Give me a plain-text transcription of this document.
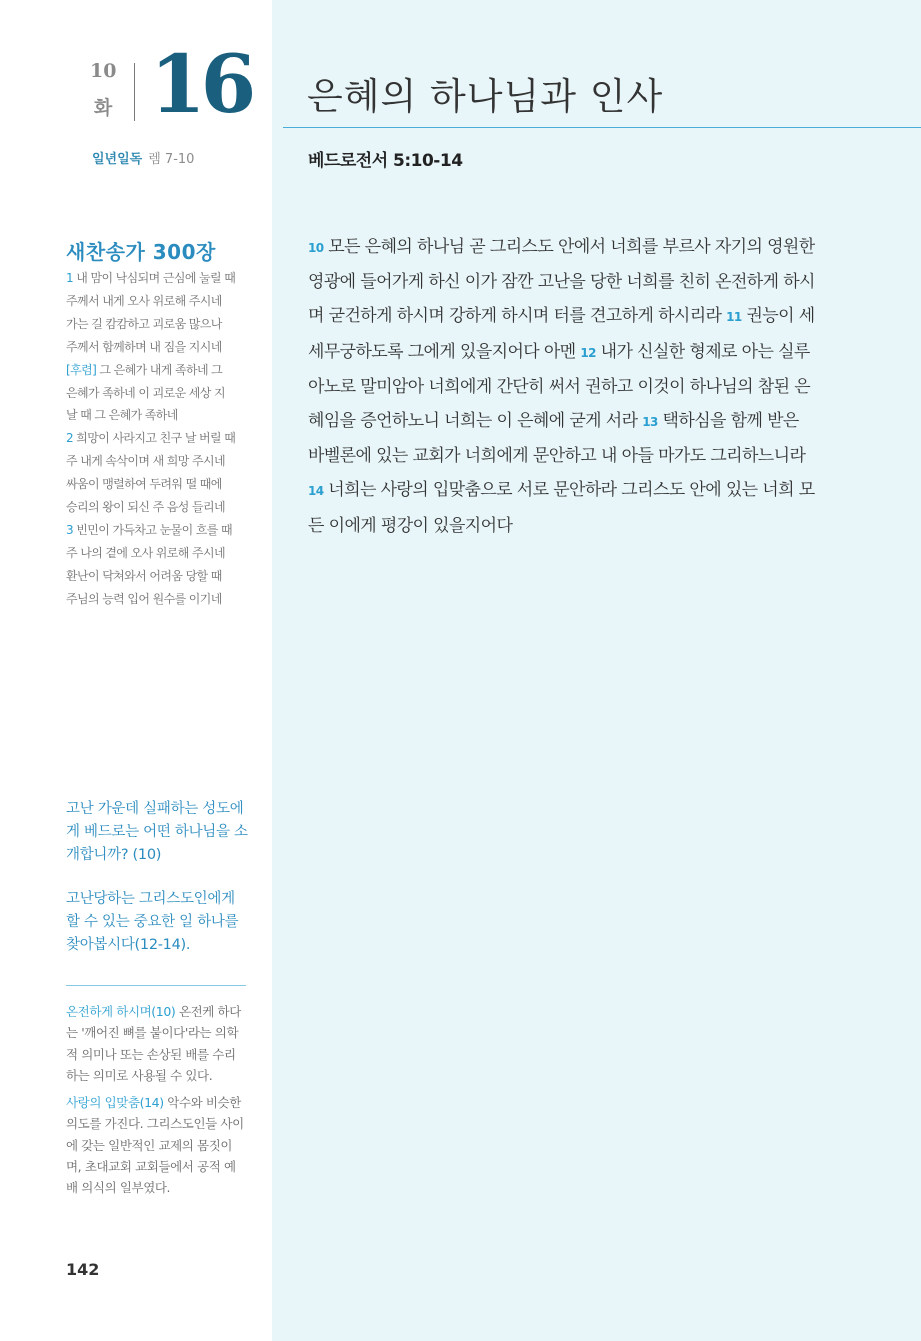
10
화 16
일년일독 렘 7-10
새찬송가 300장

1 내 맘이 낙심되며 근심에 눌릴 때

주께서 내게 오사 위로해 주시네

가는 길 캄캄하고 괴로움 많으나

주께서 함께하며 내 짐을 지시네

[후렴] 그 은혜가 내게 족하네 그

은혜가 족하네 이 괴로운 세상 지

날 때 그 은혜가 족하네

2 희망이 사라지고 친구 날 버릴 때

주 내게 속삭이며 새 희망 주시네

싸움이 맹렬하여 두려워 떨 때에

승리의 왕이 되신 주 음성 들리네

3 빈민이 가득차고 눈물이 흐를 때

주 나의 곁에 오사 위로해 주시네

환난이 닥쳐와서 어려움 당할 때

주님의 능력 입어 원수를 이기네

고난 가운데 실패하는 성도에게 베드로는 어떤 하나님을 소개합니까? (10)

고난당하는 그리스도인에게 할 수 있는 중요한 일 하나를 찾아봅시다(12-14).

온전하게 하시며(10) 온전케 하다는 '깨어진 뼈를 붙이다'라는 의학적 의미나 또는 손상된 배를 수리하는 의미로 사용될 수 있다.

사랑의 입맞춤(14) 악수와 비슷한 의도를 가진다. 그리스도인들 사이에 갖는 일반적인 교제의 몸짓이며, 초대교회 교회들에서 공적 예배 의식의 일부였다.

142
은혜의 하나님과 인사
베드로전서 5:10-14
10 모든 은혜의 하나님 곧 그리스도 안에서 너희를 부르사 자기의 영원한 영광에 들어가게 하신 이가 잠깐 고난을 당한 너희를 친히 온전하게 하시며 굳건하게 하시며 강하게 하시며 터를 견고하게 하시리라 11 권능이 세세무궁하도록 그에게 있을지어다 아멘 12 내가 신실한 형제로 아는 실루아노로 말미암아 너희에게 간단히 써서 권하고 이것이 하나님의 참된 은혜임을 증언하노니 너희는 이 은혜에 굳게 서라 13 택하심을 함께 받은 바벨론에 있는 교회가 너희에게 문안하고 내 아들 마가도 그리하느니라 14 너희는 사랑의 입맞춤으로 서로 문안하라 그리스도 안에 있는 너희 모든 이에게 평강이 있을지어다
